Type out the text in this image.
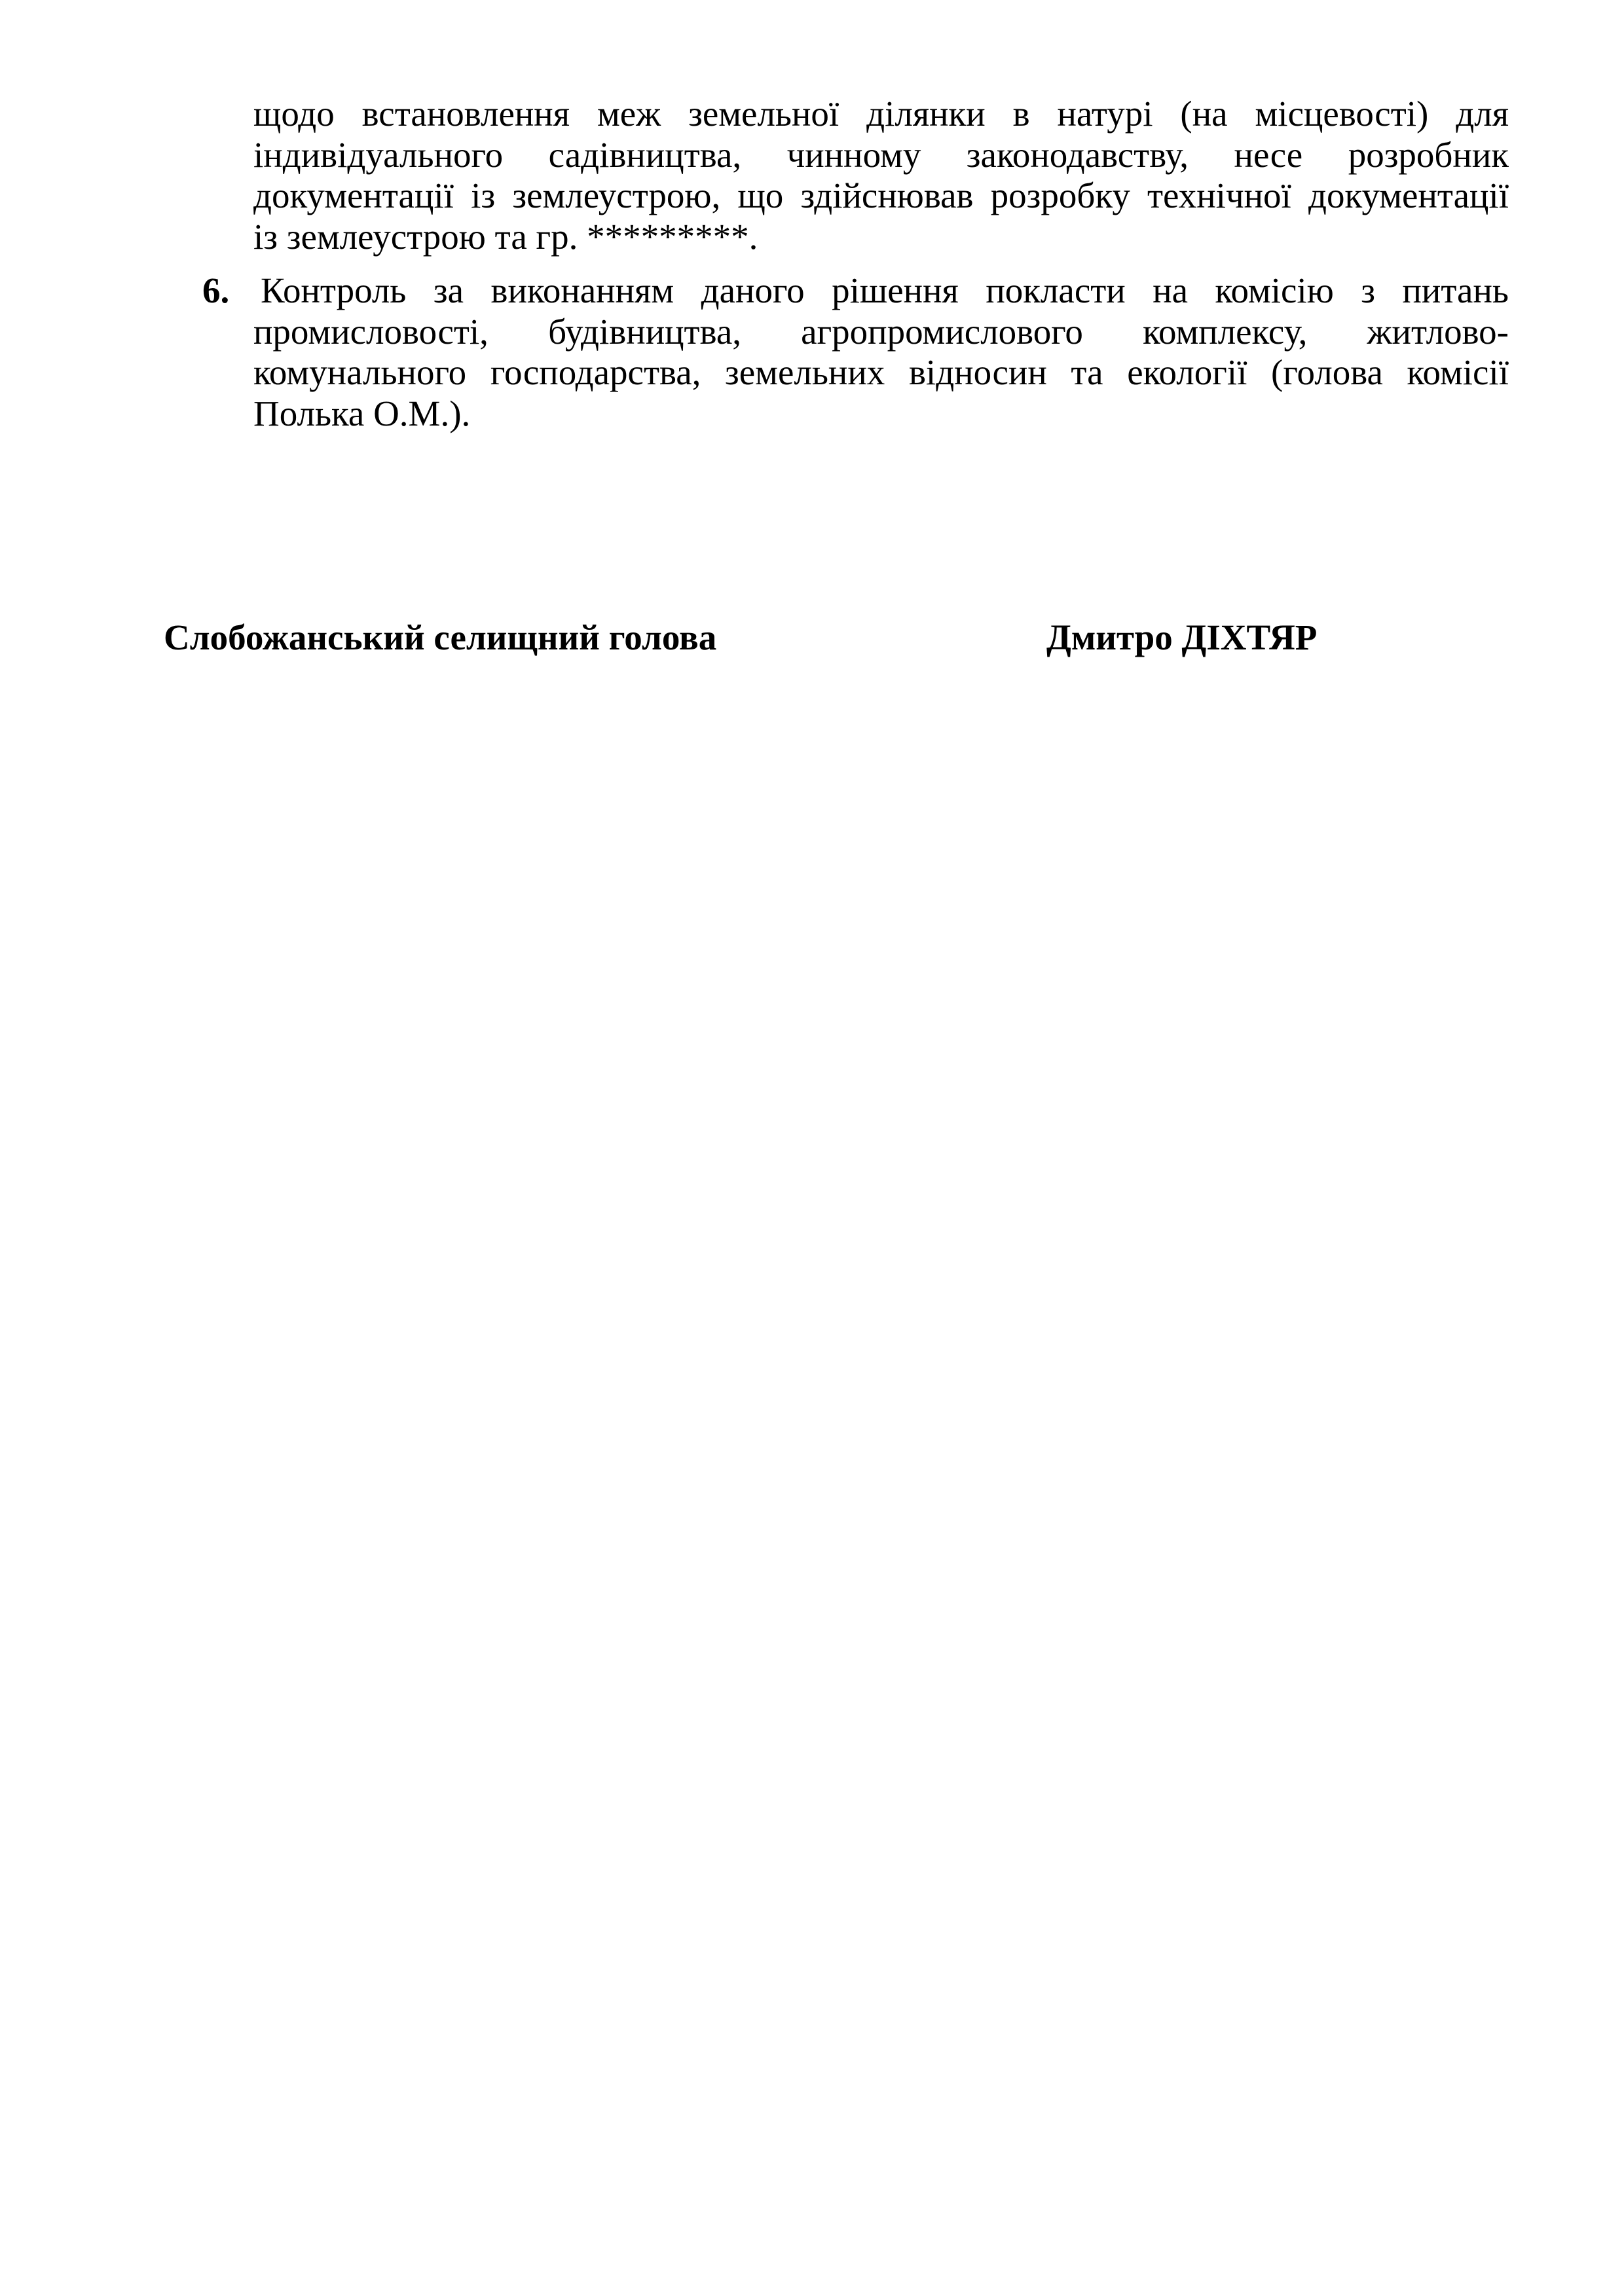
щодо встановлення меж земельної ділянки в натурі (на місцевості) для
індивідуального садівництва, чинному законодавству, несе розробник
документації із землеустрою, що здійснював розробку технічної документації
із землеустрою та гр. *********.
6. Контроль за виконанням даного рішення покласти на комісію з питань
промисловості, будівництва, агропромислового комплексу, житлово-
комунального господарства, земельних відносин та екології (голова комісії
Полька О.М.).
Слобожанський селищний голова	Дмитро ДІХТЯР
